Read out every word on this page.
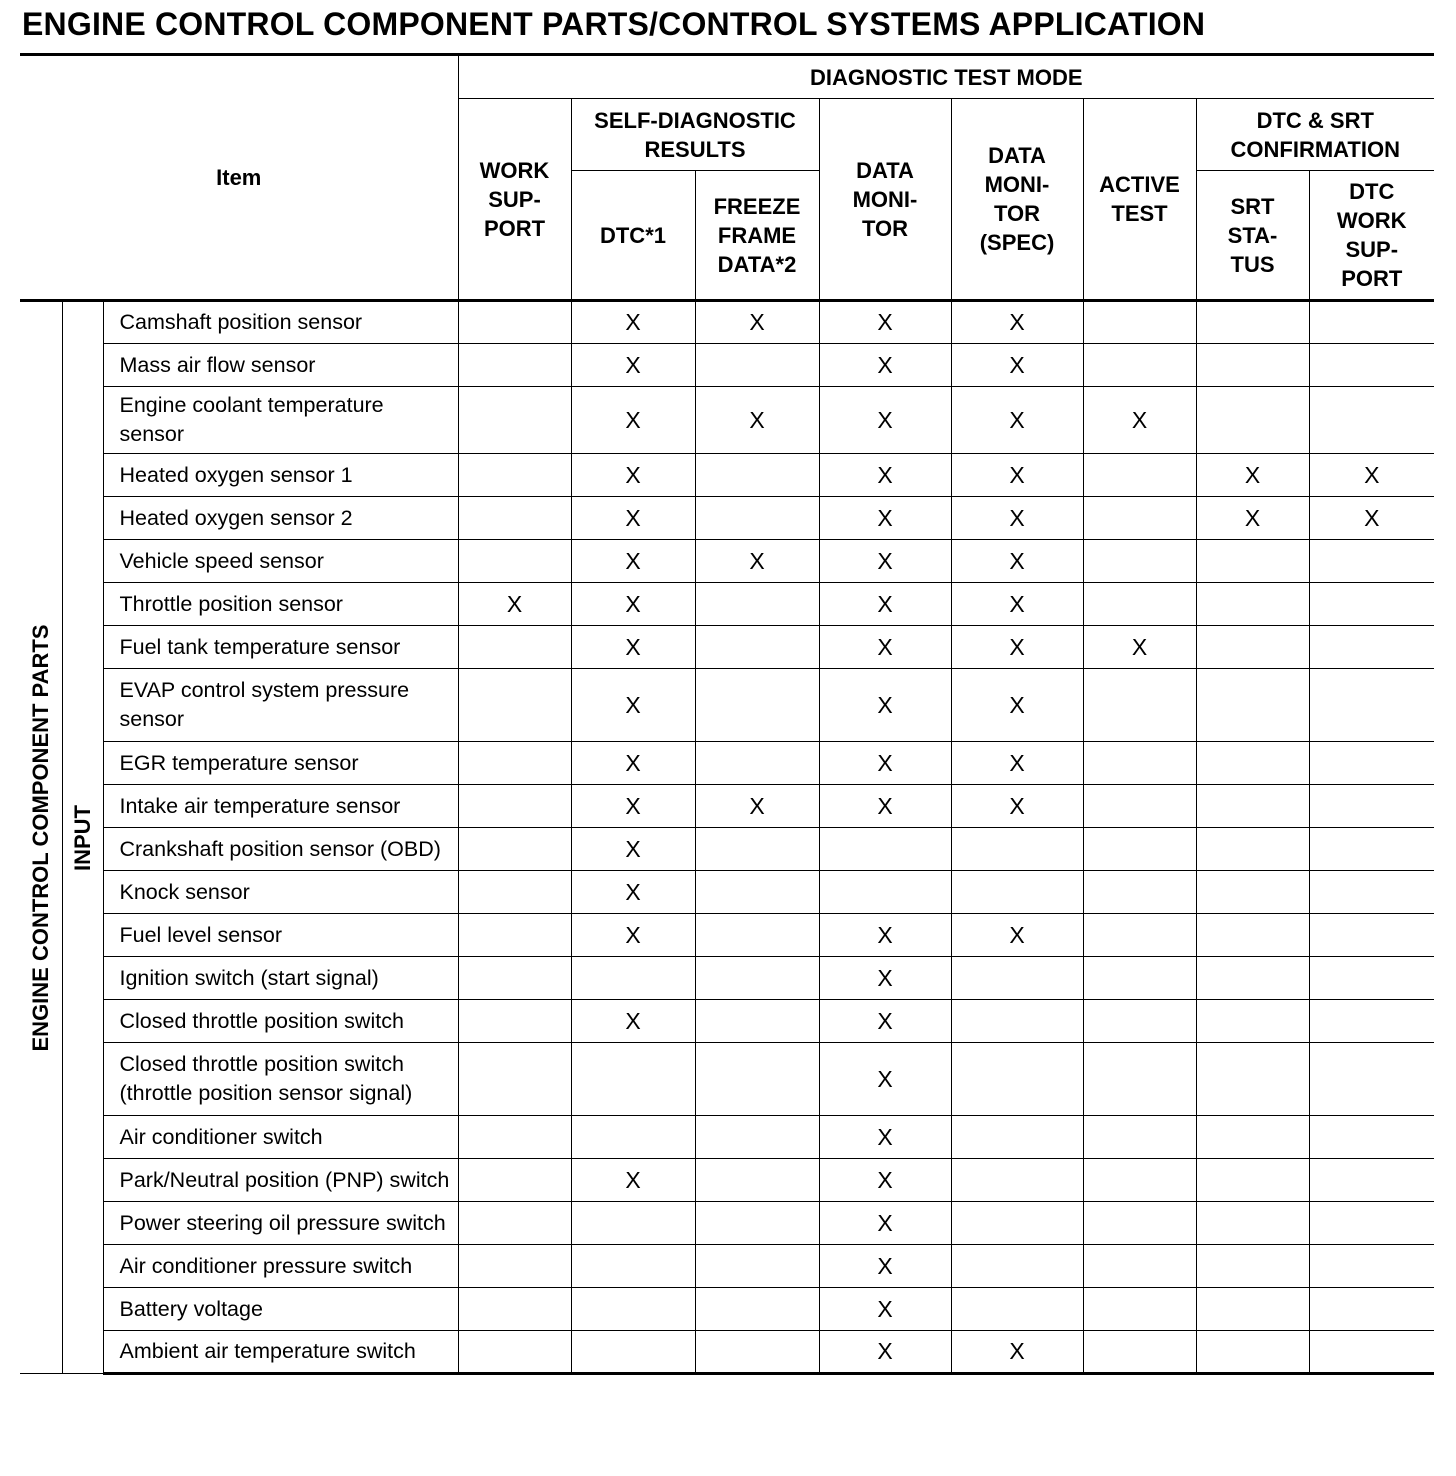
ENGINE CONTROL COMPONENT PARTS/CONTROL SYSTEMS APPLICATION
Item			DIAGNOSTIC TEST MODE							

			WORK SUP- PORT	SELF-DIAGNOSTIC RESULTS		DATA MONI- TOR	DATA MONI- TOR (SPEC)	ACTIVE TEST	DTC & SRT CONFIRMATION	

				DTC*1	FREEZE FRAME DATA*2				SRT STA- TUS	DTC WORK SUP- PORT

ENGINE CONTROL COMPONENT PARTS	INPUT	Camshaft position sensor		X	X	X	X			
		Mass air flow sensor		X		X	X			
		Engine coolant temperature sensor		X	X	X	X	X		
		Heated oxygen sensor 1		X		X	X		X	X
		Heated oxygen sensor 2		X		X	X		X	X
		Vehicle speed sensor		X	X	X	X			
		Throttle position sensor	X	X		X	X			
		Fuel tank temperature sensor		X		X	X	X		
		EVAP control system pressure sensor		X		X	X			
		EGR temperature sensor		X		X	X			
		Intake air temperature sensor		X	X	X	X			
		Crankshaft position sensor (OBD)		X						
		Knock sensor		X						
		Fuel level sensor		X		X	X			
		Ignition switch (start signal)				X				
		Closed throttle position switch		X		X				
		Closed throttle position switch (throttle position sensor signal)				X				
		Air conditioner switch				X				
		Park/Neutral position (PNP) switch		X		X				
		Power steering oil pressure switch				X				
		Air conditioner pressure switch				X				
		Battery voltage				X				
		Ambient air temperature switch				X	X			
